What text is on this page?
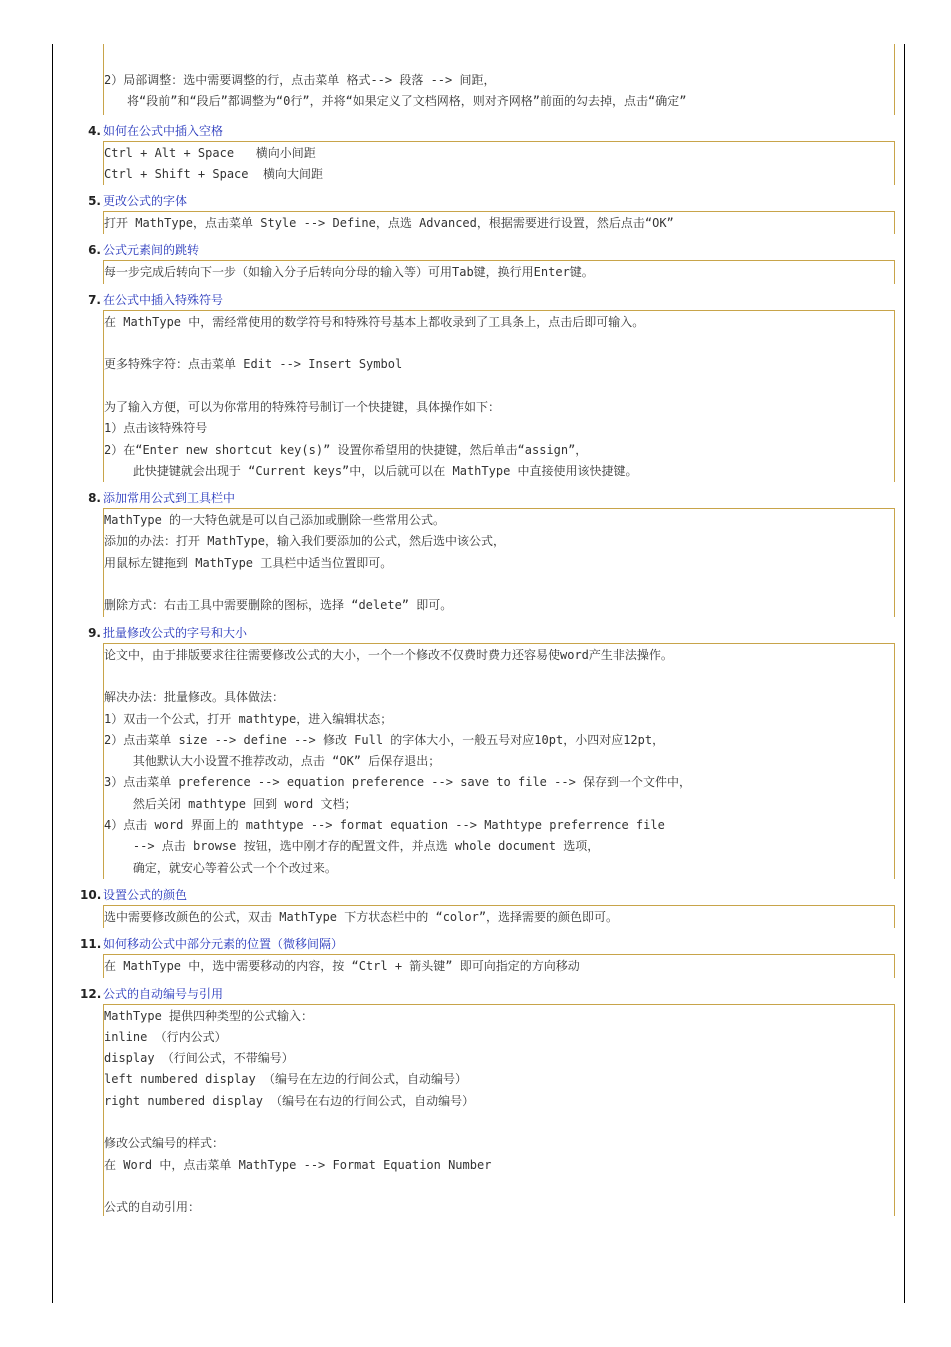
2）局部调整：选中需要调整的行，点击菜单 格式--> 段落 --> 间距，
将“段前”和“段后”都调整为“0行”，并将“如果定义了文档网格，则对齐网格”前面的勾去掉，点击“确定”
4. 如何在公式中插入空格
Ctrl + Alt + Space   横向小间距
Ctrl + Shift + Space  横向大间距
5. 更改公式的字体
打开 MathType，点击菜单 Style --> Define，点选 Advanced，根据需要进行设置，然后点击“OK”
6. 公式元素间的跳转
每一步完成后转向下一步（如输入分子后转向分母的输入等）可用Tab键，换行用Enter键。
7. 在公式中插入特殊符号
在 MathType 中，需经常使用的数学符号和特殊符号基本上都收录到了工具条上，点击后即可输入。
更多特殊字符：点击菜单 Edit --> Insert Symbol
为了输入方便，可以为你常用的特殊符号制订一个快捷键，具体操作如下：
1）点击该特殊符号
2）在“Enter new shortcut key(s)” 设置你希望用的快捷键，然后单击“assign”，
此快捷键就会出现于 “Current keys”中，以后就可以在 MathType 中直接使用该快捷键。
8. 添加常用公式到工具栏中
MathType 的一大特色就是可以自己添加或删除一些常用公式。
添加的办法：打开 MathType，输入我们要添加的公式，然后选中该公式，
用鼠标左键拖到 MathType 工具栏中适当位置即可。
删除方式：右击工具中需要删除的图标，选择 “delete” 即可。
9. 批量修改公式的字号和大小
论文中，由于排版要求往往需要修改公式的大小，一个一个修改不仅费时费力还容易使word产生非法操作。
解决办法：批量修改。具体做法：
1）双击一个公式，打开 mathtype，进入编辑状态；
2）点击菜单 size --> define --> 修改 Full 的字体大小，一般五号对应10pt，小四对应12pt，
其他默认大小设置不推荐改动，点击 “OK” 后保存退出；
3）点击菜单 preference --> equation preference --> save to file --> 保存到一个文件中，
然后关闭 mathtype 回到 word 文档；
4）点击 word 界面上的 mathtype --> format equation --> Mathtype preferrence file
--> 点击 browse 按钮，选中刚才存的配置文件，并点选 whole document 选项，
确定，就安心等着公式一个个改过来。
10. 设置公式的颜色
选中需要修改颜色的公式，双击 MathType 下方状态栏中的 “color”，选择需要的颜色即可。
11. 如何移动公式中部分元素的位置（微移间隔）
在 MathType 中，选中需要移动的内容，按 “Ctrl + 箭头键” 即可向指定的方向移动
12. 公式的自动编号与引用
MathType 提供四种类型的公式输入：
inline （行内公式）
display （行间公式，不带编号）
left numbered display （编号在左边的行间公式，自动编号）
right numbered display （编号在右边的行间公式，自动编号）
修改公式编号的样式：
在 Word 中，点击菜单 MathType --> Format Equation Number
公式的自动引用：
